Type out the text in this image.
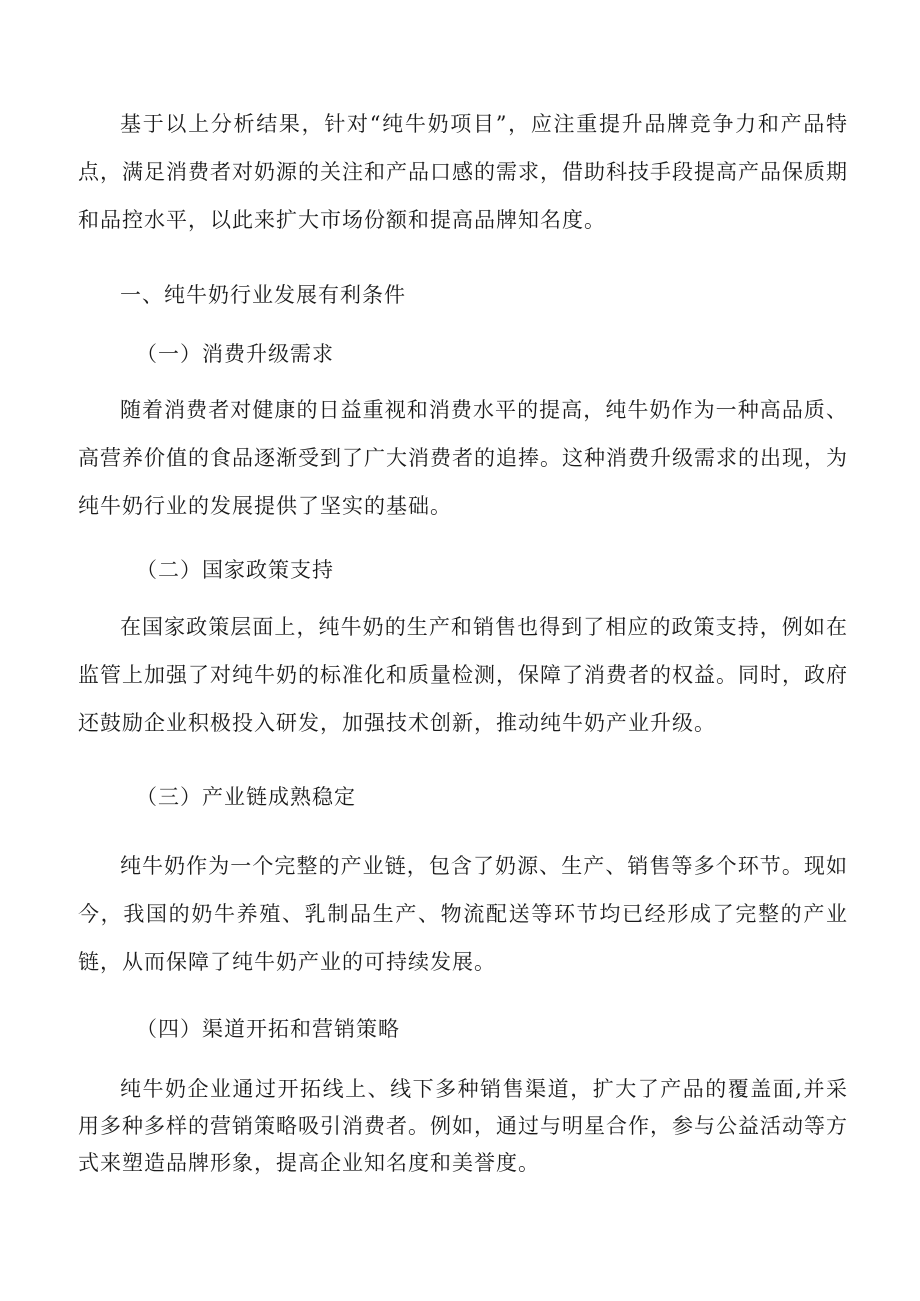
基于以上分析结果，针对“纯牛奶项目”，应注重提升品牌竞争力和产品特点，满足消费者对奶源的关注和产品口感的需求，借助科技手段提高产品保质期和品控水平，以此来扩大市场份额和提高品牌知名度。

一、纯牛奶行业发展有利条件

（一）消费升级需求

随着消费者对健康的日益重视和消费水平的提高，纯牛奶作为一种高品质、高营养价值的食品逐渐受到了广大消费者的追捧。这种消费升级需求的出现，为纯牛奶行业的发展提供了坚实的基础。

（二）国家政策支持

在国家政策层面上，纯牛奶的生产和销售也得到了相应的政策支持，例如在监管上加强了对纯牛奶的标准化和质量检测，保障了消费者的权益。同时，政府还鼓励企业积极投入研发，加强技术创新，推动纯牛奶产业升级。

（三）产业链成熟稳定

纯牛奶作为一个完整的产业链，包含了奶源、生产、销售等多个环节。现如今，我国的奶牛养殖、乳制品生产、物流配送等环节均已经形成了完整的产业链，从而保障了纯牛奶产业的可持续发展。

（四）渠道开拓和营销策略

纯牛奶企业通过开拓线上、线下多种销售渠道，扩大了产品的覆盖面,并采用多种多样的营销策略吸引消费者。例如，通过与明星合作，参与公益活动等方式来塑造品牌形象，提高企业知名度和美誉度。
